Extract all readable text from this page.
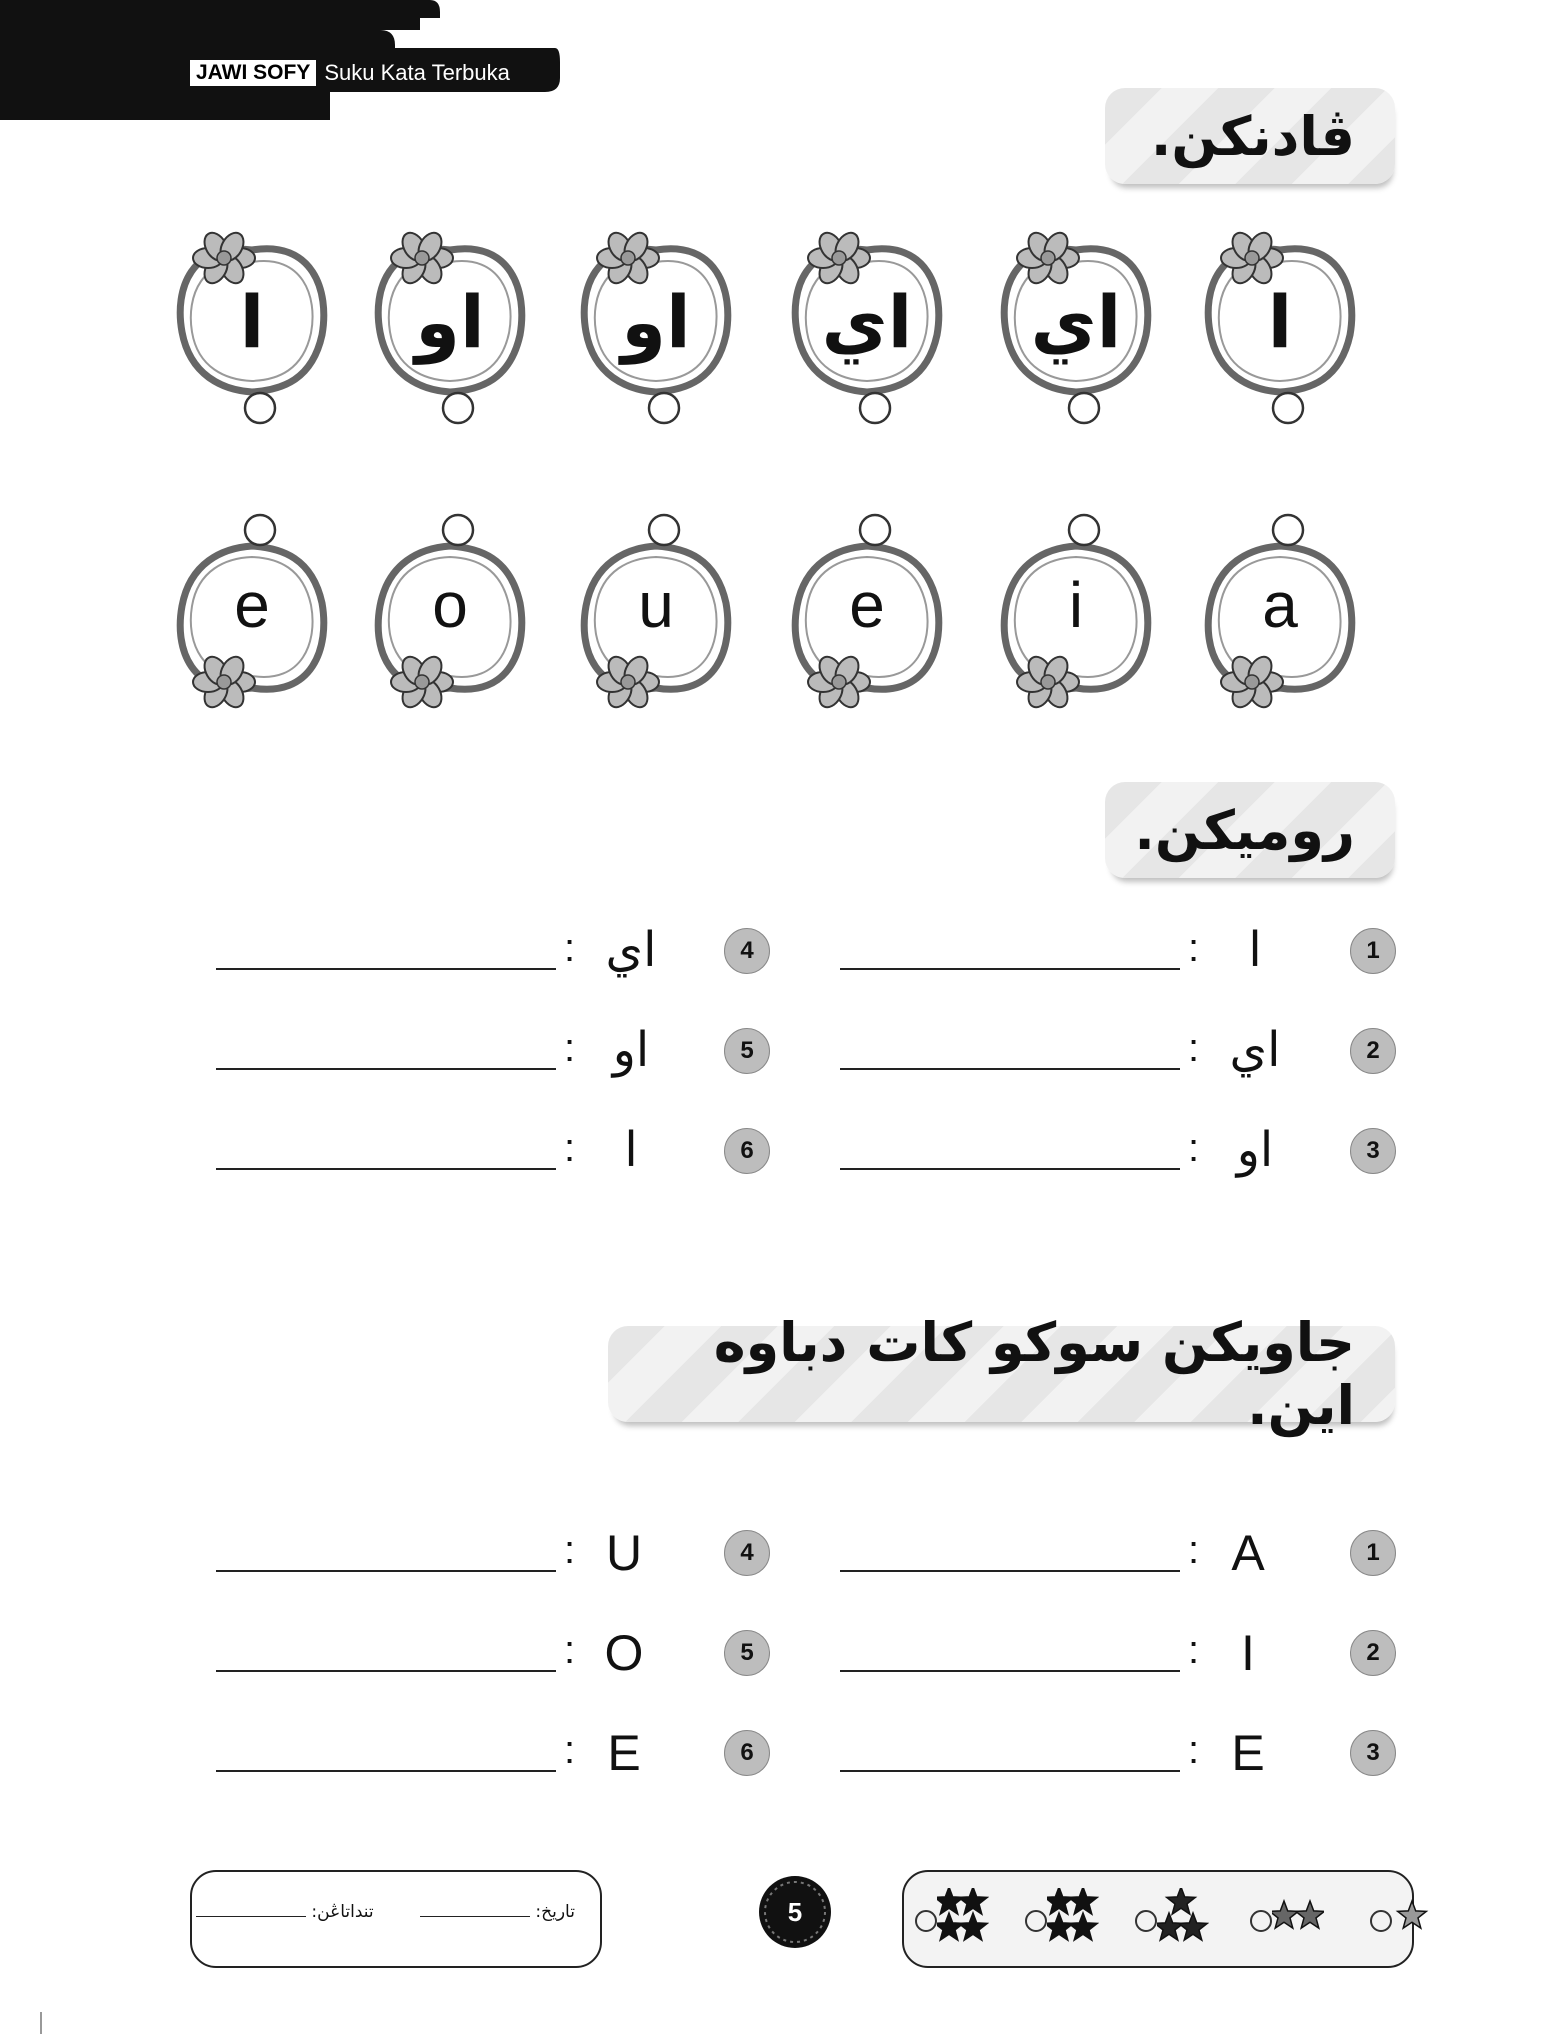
JAWI SOFY Suku Kata Terbuka
ڤادنكن.
ا
اي
اي
او
او
ا
a
i
e
u
o
e
روميكن.
:	ا	1
: اي	2
: او	3
: اي	4
: او	5
:	ا	6
جاويكن سوكو كات دباوه اين.
: A	1
: I	2
: E	3
: U	4
: O	5
: E	6
تاريخ:
تنداتاڠن:	5
